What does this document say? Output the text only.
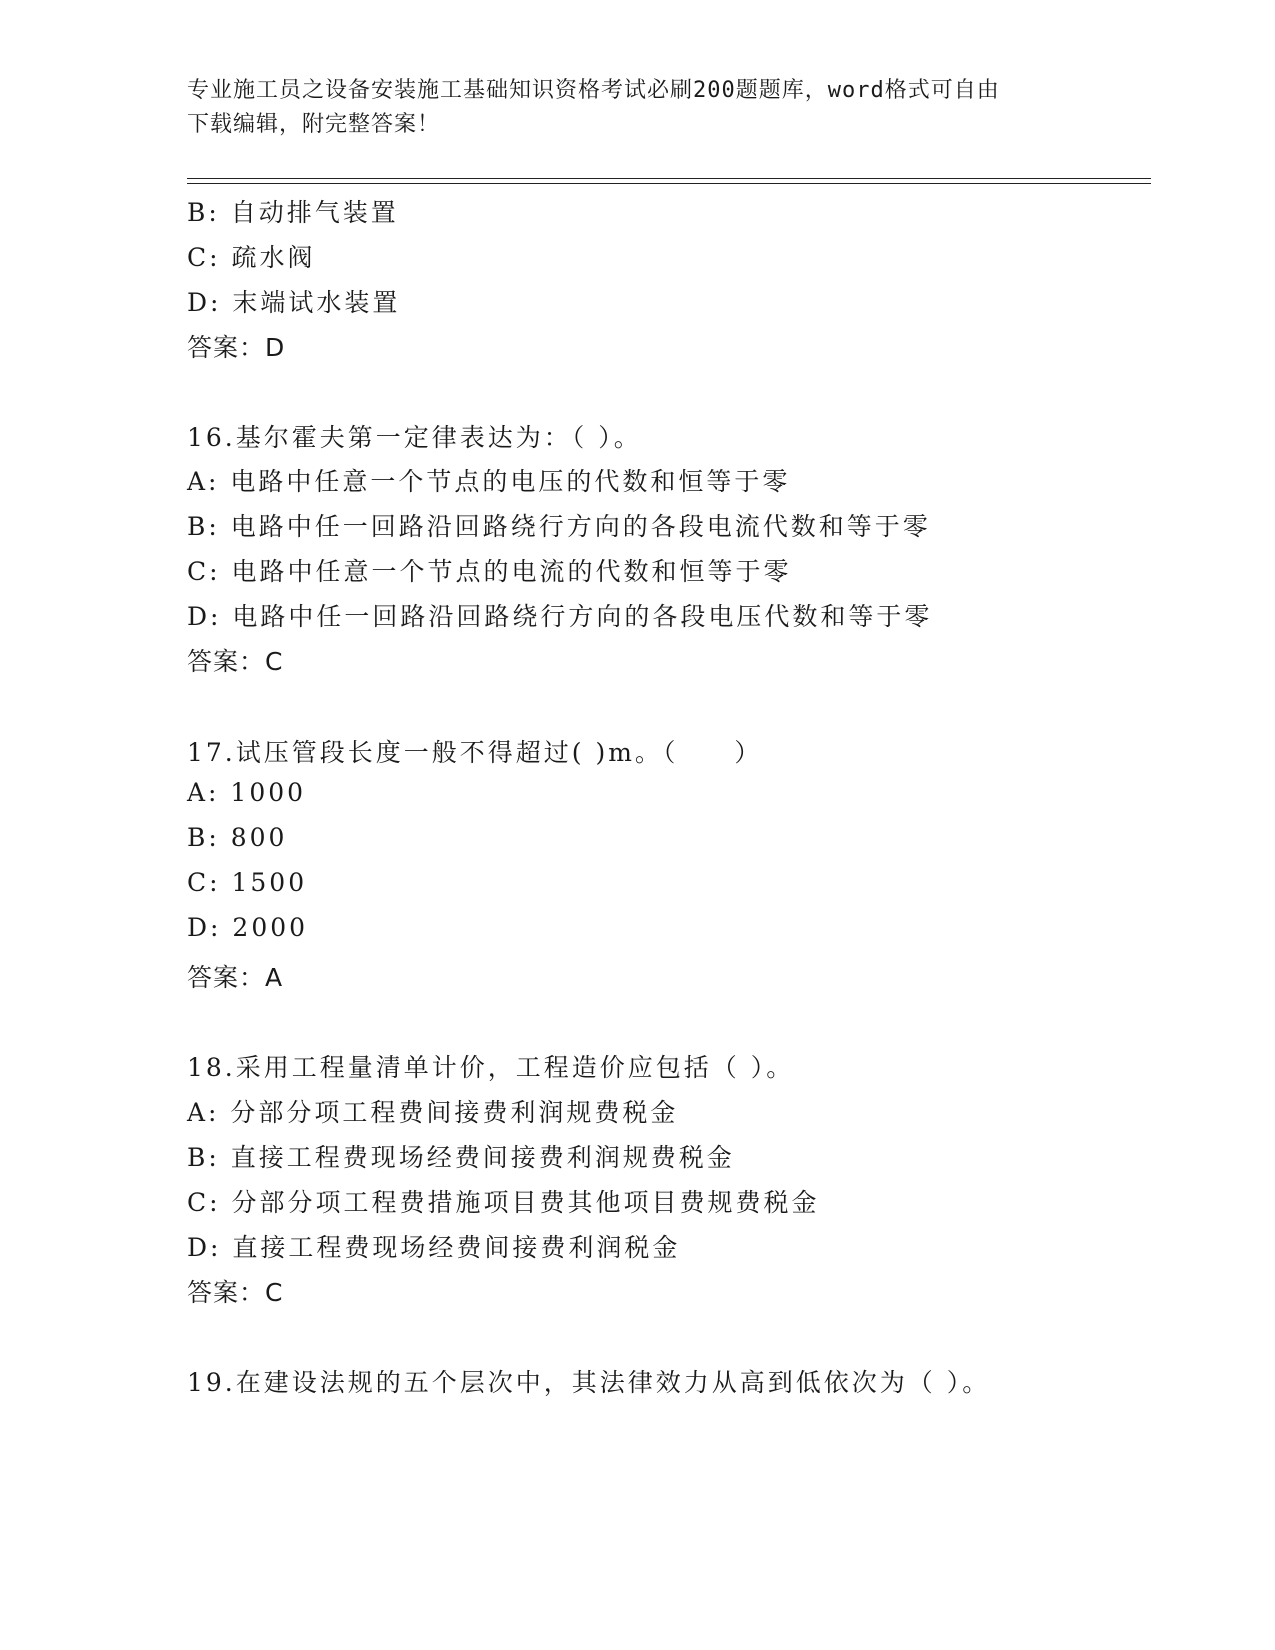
专业施工员之设备安装施工基础知识资格考试必刷200题题库，word格式可自由
下载编辑，附完整答案！
B: 自动排气装置
C: 疏水阀
D: 末端试水装置
答案：D
16.基尔霍夫第一定律表达为：（ ）。
A: 电路中任意一个节点的电压的代数和恒等于零
B: 电路中任一回路沿回路绕行方向的各段电流代数和等于零
C: 电路中任意一个节点的电流的代数和恒等于零
D: 电路中任一回路沿回路绕行方向的各段电压代数和等于零
答案：C
17.试压管段长度一般不得超过( )m。（　　）
A: 1000
B: 800
C: 1500
D: 2000
答案：A
18.采用工程量清单计价，工程造价应包括（ ）。
A: 分部分项工程费间接费利润规费税金
B: 直接工程费现场经费间接费利润规费税金
C: 分部分项工程费措施项目费其他项目费规费税金
D: 直接工程费现场经费间接费利润税金
答案：C
19.在建设法规的五个层次中，其法律效力从高到低依次为（ ）。
